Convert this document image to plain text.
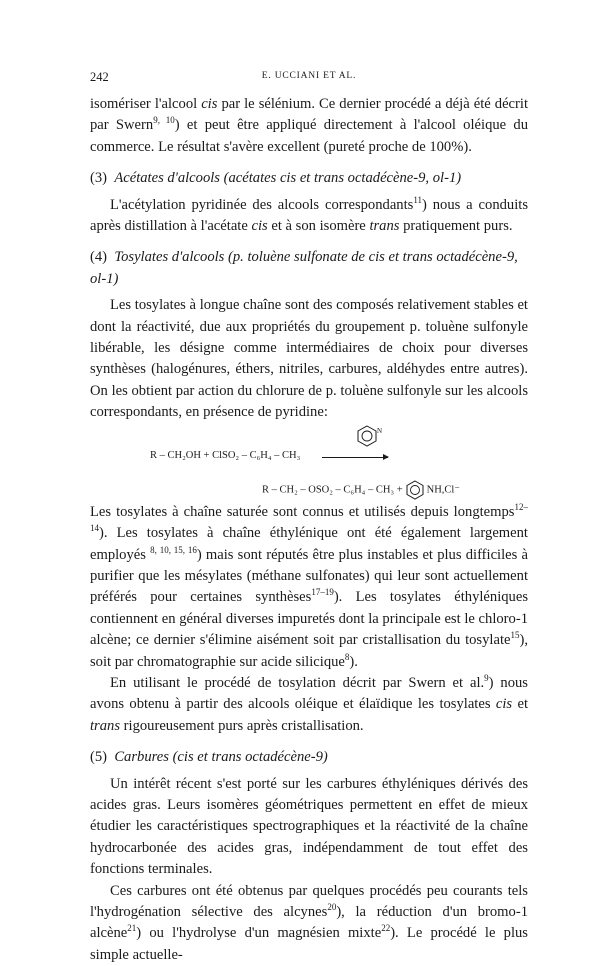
242	E. UCCIANI ET AL.

isomériser l'alcool cis par le sélénium. Ce dernier procédé a déjà été décrit par Swern$^{9, 10}$) et peut être appliqué directement à l'alcool oléique du commerce. Le résultat s'avère excellent (pureté proche de 100%).

(3) Acétates d'alcools (acétates cis et trans octadécène-9, ol-1)

L'acétylation pyridinée des alcools correspondants$^{11}$) nous a conduits après distillation à l'acétate cis et à son isomère trans pratiquement purs.

(4) Tosylates d'alcools (p. toluène sulfonate de cis et trans octadécène-9, ol-1)

Les tosylates à longue chaîne sont des composés relativement stables et dont la réactivité, due aux propriétés du groupement p. toluène sulfonyle libérable, les désigne comme intermédiaires de choix pour diverses synthèses (halogénures, éthers, nitriles, carbures, aldéhydes entre autres). On les obtient par action du chlorure de p. toluène sulfonyle sur les alcools correspondants, en présence de pyridine:

N
R – CH₂OH + ClSO₂ – C₆H₄ – CH₃
R – CH₂ – OSO₂ – C₆H₄ – CH₃ + NH,Cl⁻

Les tosylates à chaîne saturée sont connus et utilisés depuis longtemps$^{12-14}$). Les tosylates à chaîne éthylénique ont été également largement employés $^{8, 10, 15, 16}$) mais sont réputés être plus instables et plus difficiles à purifier que les mésylates (méthane sulfonates) qui leur sont actuellement préférés pour certaines synthèses$^{17-19}$). Les tosylates éthyléniques contiennent en général diverses impuretés dont la principale est le chloro-1 alcène; ce dernier s'élimine aisément soit par cristallisation du tosylate$^{15}$), soit par chromatographie sur acide silicique$^8$).

En utilisant le procédé de tosylation décrit par Swern et al.$^9$) nous avons obtenu à partir des alcools oléique et élaïdique les tosylates cis et trans rigoureusement purs après cristallisation.

(5) Carbures (cis et trans octadécène-9)

Un intérêt récent s'est porté sur les carbures éthyléniques dérivés des acides gras. Leurs isomères géométriques permettent en effet de mieux étudier les caractéristiques spectrographiques et la réactivité de la chaîne hydrocarbonée des acides gras, indépendamment de tout effet des fonctions terminales.

Ces carbures ont été obtenus par quelques procédés peu courants tels l'hydrogénation sélective des alcynes$^{20}$), la réduction d'un bromo-1 alcène$^{21}$) ou l'hydrolyse d'un magnésien mixte$^{22}$). Le procédé le plus simple actuelle-
